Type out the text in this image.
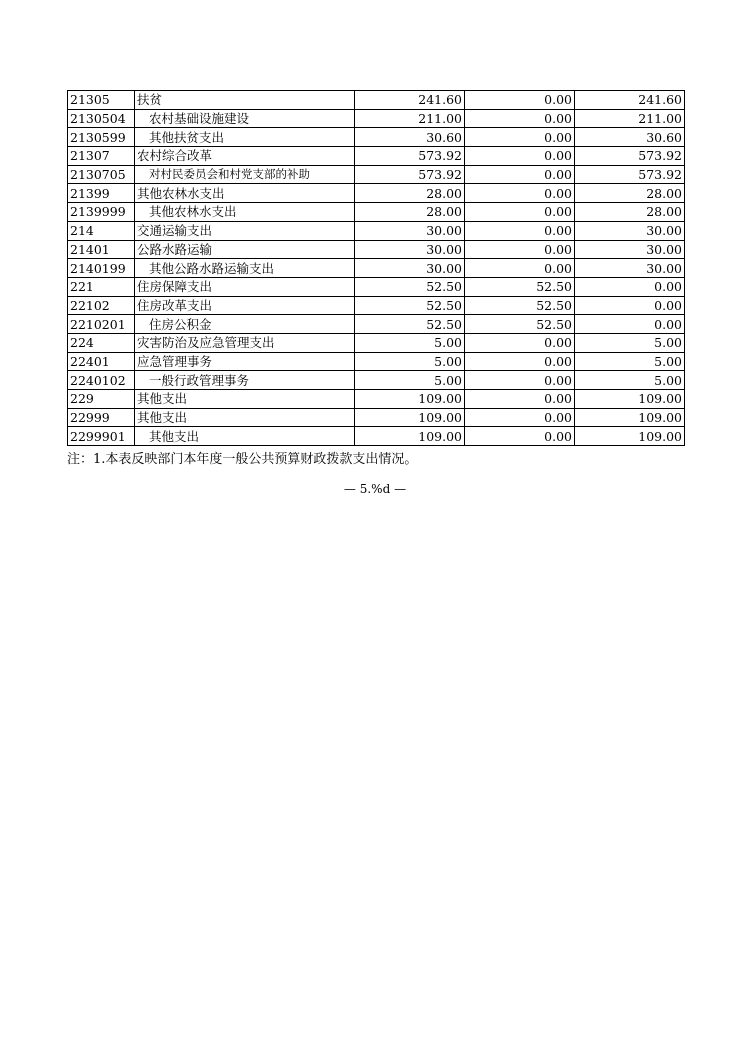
21305	扶贫	241.60	0.00	241.60
2130504	农村基础设施建设	211.00	0.00	211.00
2130599	其他扶贫支出	30.60	0.00	30.60
21307	农村综合改革	573.92	0.00	573.92
2130705	对村民委员会和村党支部的补助	573.92	0.00	573.92
21399	其他农林水支出	28.00	0.00	28.00
2139999	其他农林水支出	28.00	0.00	28.00
214	交通运输支出	30.00	0.00	30.00
21401	公路水路运输	30.00	0.00	30.00
2140199	其他公路水路运输支出	30.00	0.00	30.00
221	住房保障支出	52.50	52.50	0.00
22102	住房改革支出	52.50	52.50	0.00
2210201	住房公积金	52.50	52.50	0.00
224	灾害防治及应急管理支出	5.00	0.00	5.00
22401	应急管理事务	5.00	0.00	5.00
2240102	一般行政管理事务	5.00	0.00	5.00
229	其他支出	109.00	0.00	109.00
22999	其他支出	109.00	0.00	109.00
2299901	其他支出	109.00	0.00	109.00
注：1.本表反映部门本年度一般公共预算财政拨款支出情况。
— 5.%d —
